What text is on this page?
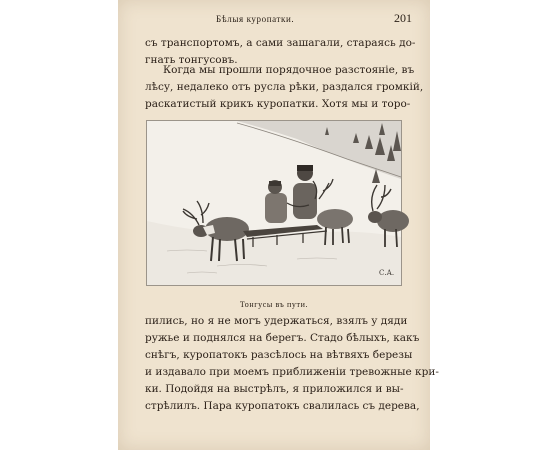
Бѣлыя куропатки.	201

съ транспортомъ, а сами зашагали, стараясь до-
гнать тонгусовъ.

Когда мы прошли порядочное разстояніе, въ
лѣсу, недалеко отъ русла рѣки, раздался громкій,
раскатистый крикъ куропатки. Хотя мы и торо-

С.А.
Тонгусы въ пути.

пились, но я не могъ удержаться, взялъ у дяди
ружье и поднялся на берегъ. Стадо бѣлыхъ, какъ
снѣгъ, куропатокъ разсѣлось на вѣтвяхъ березы
и издавало при моемъ приближеніи тревожные кри-
ки. Подойдя на выстрѣлъ, я приложился и вы-
стрѣлилъ. Пара куропатокъ свалилась съ дерева,
